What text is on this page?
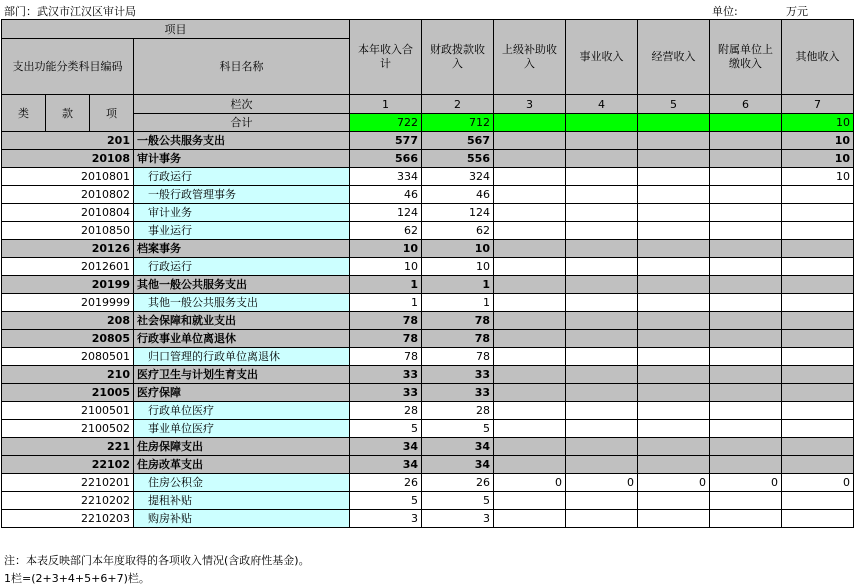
部门：武汉市江汉区审计局	单位:	万元
项目				本年收入合计	财政拨款收入	上级补助收入	事业收入	经营收入	附属单位上缴收入	其他收入
支出功能分类科目编码			科目名称							

类	款	项	栏次	1	2	3	4	5	6	7
			合计	722	712					10
201			一般公共服务支出	577	567					10
20108			审计事务	566	556					10
2010801			行政运行	334	324					10
2010802			一般行政管理事务	46	46					
2010804			审计业务	124	124					
2010850			事业运行	62	62					
20126			档案事务	10	10					
2012601			行政运行	10	10					
20199			其他一般公共服务支出	1	1					
2019999			其他一般公共服务支出	1	1					
208			社会保障和就业支出	78	78					
20805			行政事业单位离退休	78	78					
2080501			归口管理的行政单位离退休	78	78					
210			医疗卫生与计划生育支出	33	33					
21005			医疗保障	33	33					
2100501			行政单位医疗	28	28					
2100502			事业单位医疗	5	5					
221			住房保障支出	34	34					
22102			住房改革支出	34	34					
2210201			住房公积金	26	26	0	0	0	0	0
2210202			提租补贴	5	5					
2210203			购房补贴	3	3					
注：本表反映部门本年度取得的各项收入情况(含政府性基金)。
1栏=(2+3+4+5+6+7)栏。
